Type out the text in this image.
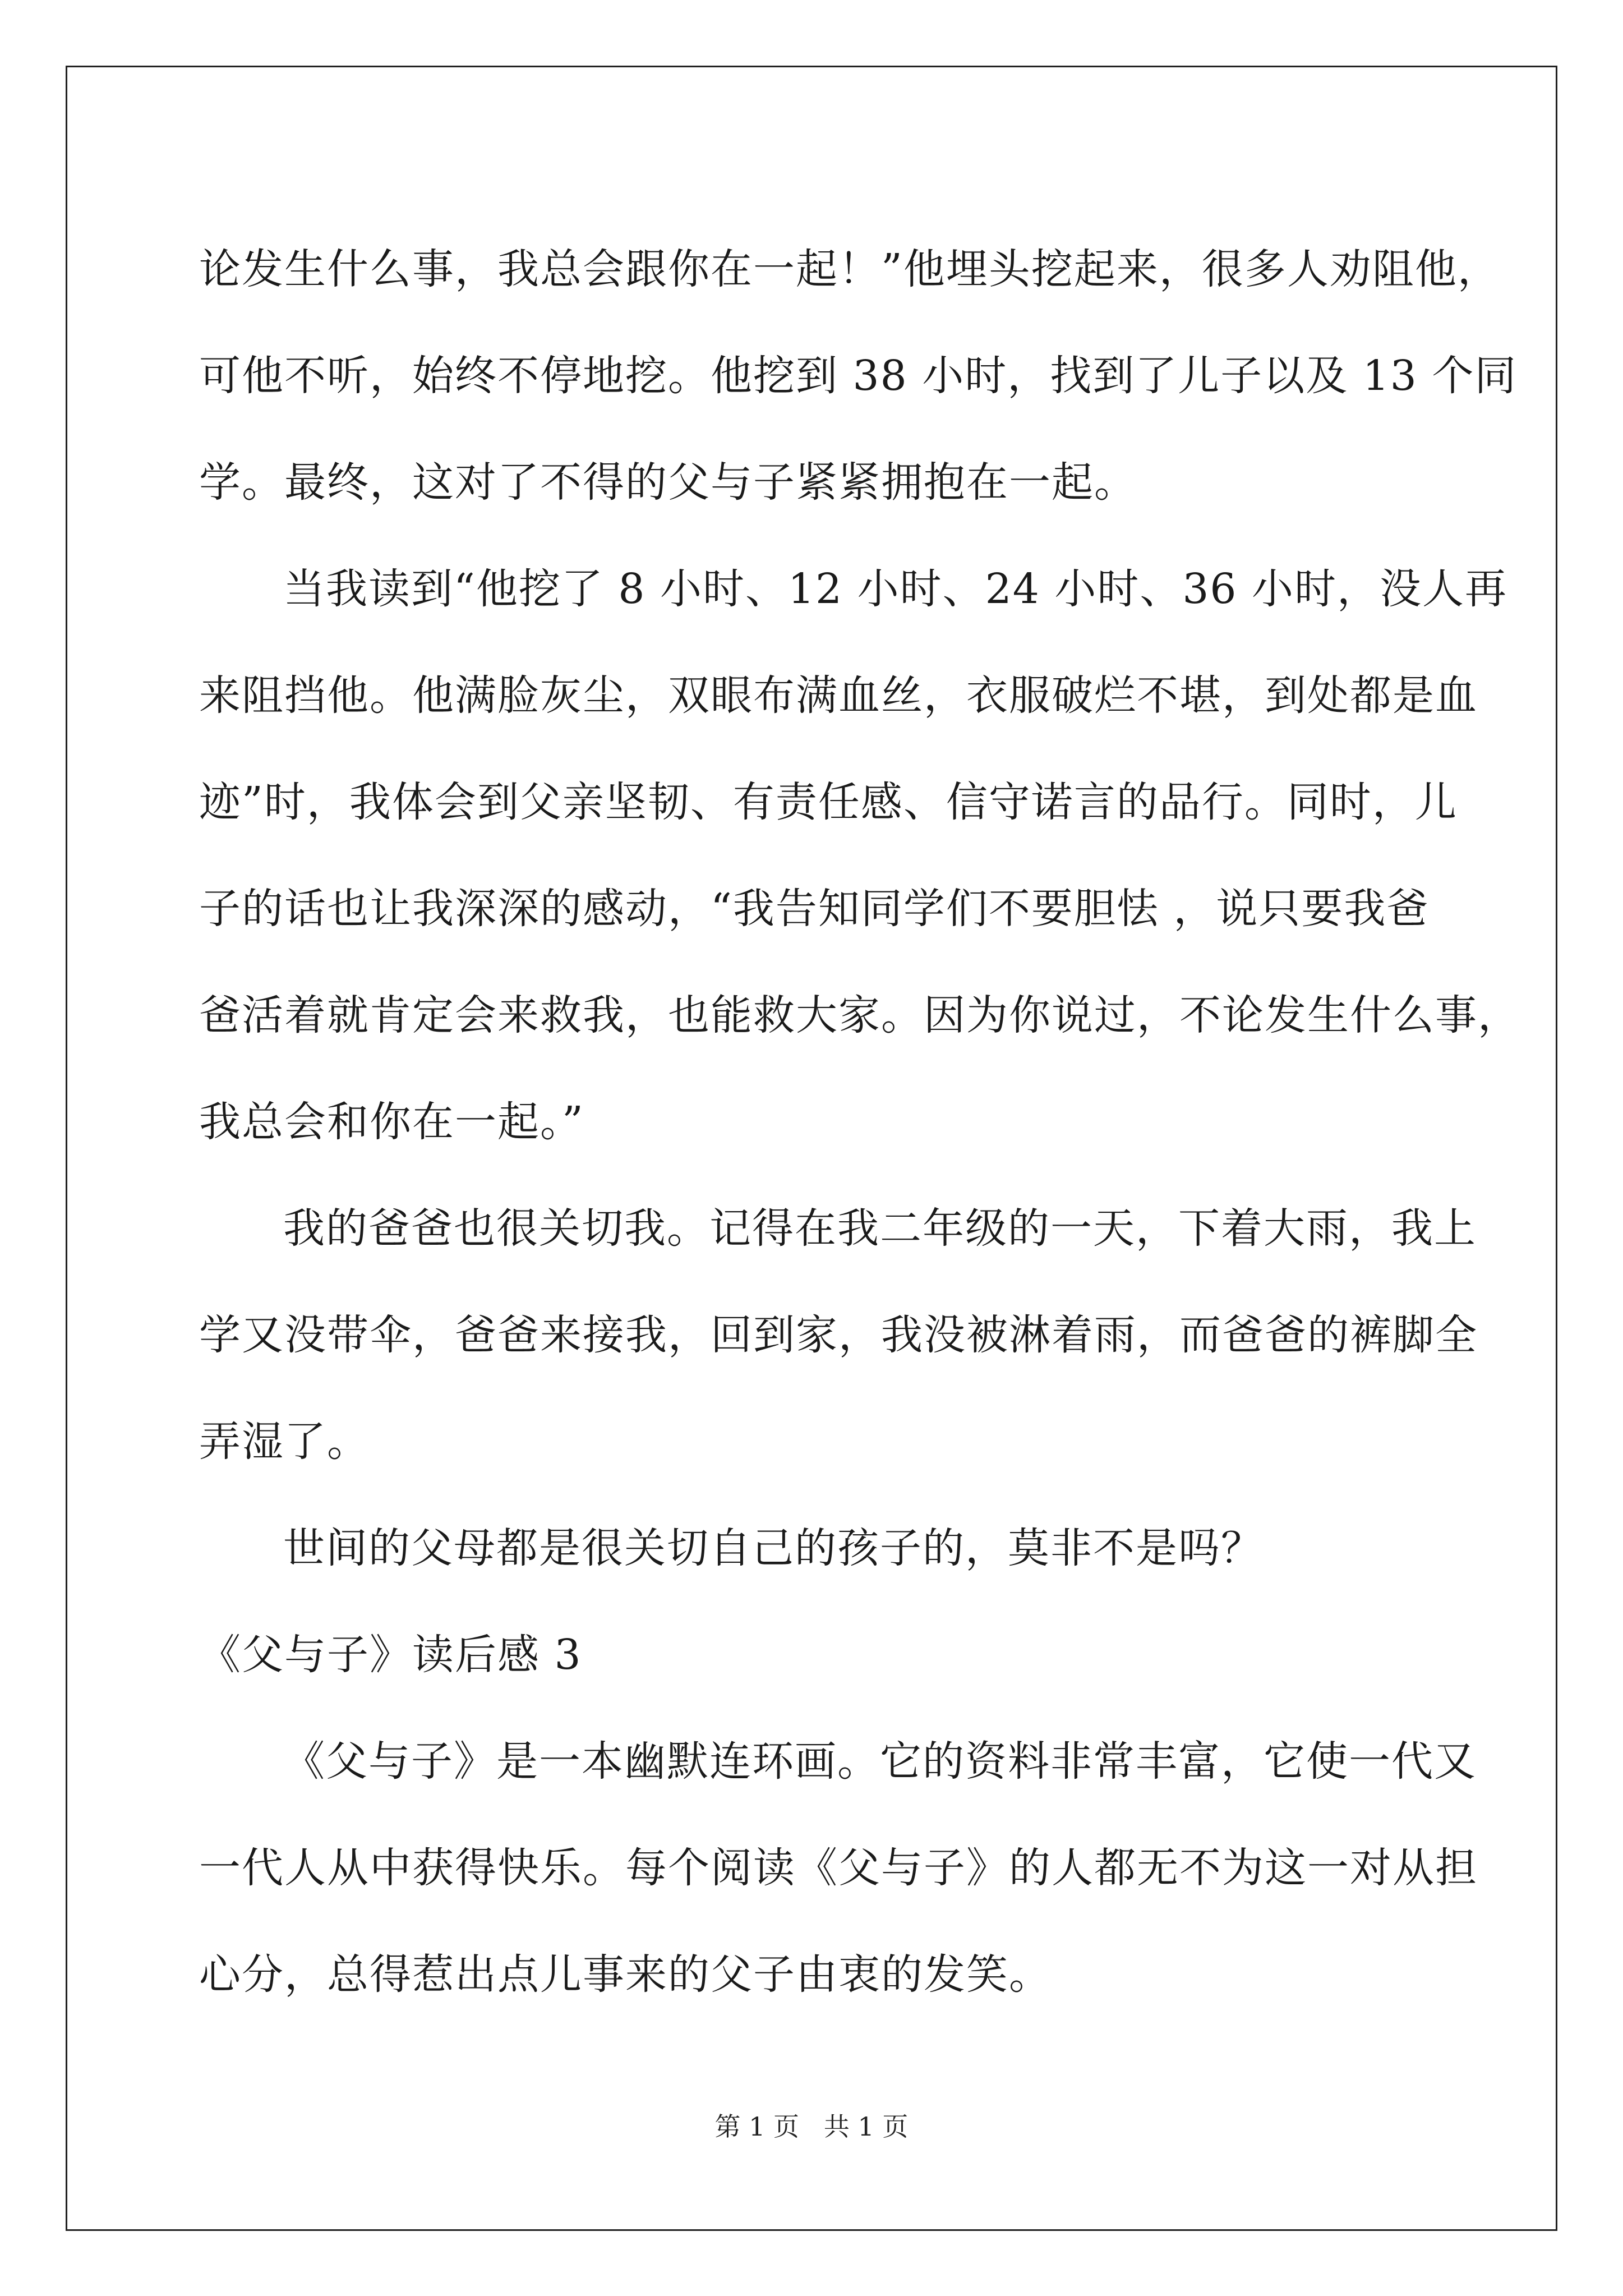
论发生什么事，我总会跟你在一起！”他埋头挖起来，很多人劝阻他，
可他不听，始终不停地挖。他挖到 38 小时，找到了儿子以及 13 个同
学。最终，这对了不得的父与子紧紧拥抱在一起。
当我读到“他挖了 8 小时、12 小时、24 小时、36 小时，没人再
来阻挡他。他满脸灰尘，双眼布满血丝，衣服破烂不堪，到处都是血
迹”时，我体会到父亲坚韧、有责任感、信守诺言的品行。同时，儿
子的话也让我深深的感动，“我告知同学们不要胆怯 ，说只要我爸
爸活着就肯定会来救我，也能救大家。因为你说过，不论发生什么事，
我总会和你在一起。”
我的爸爸也很关切我。记得在我二年级的一天，下着大雨，我上
学又没带伞，爸爸来接我，回到家，我没被淋着雨，而爸爸的裤脚全
弄湿了。
世间的父母都是很关切自己的孩子的，莫非不是吗？
《父与子》读后感 3
《父与子》是一本幽默连环画。它的资料非常丰富，它使一代又
一代人从中获得快乐。每个阅读《父与子》的人都无不为这一对从担
心分，总得惹出点儿事来的父子由衷的发笑。
第 1 页   共 1 页
